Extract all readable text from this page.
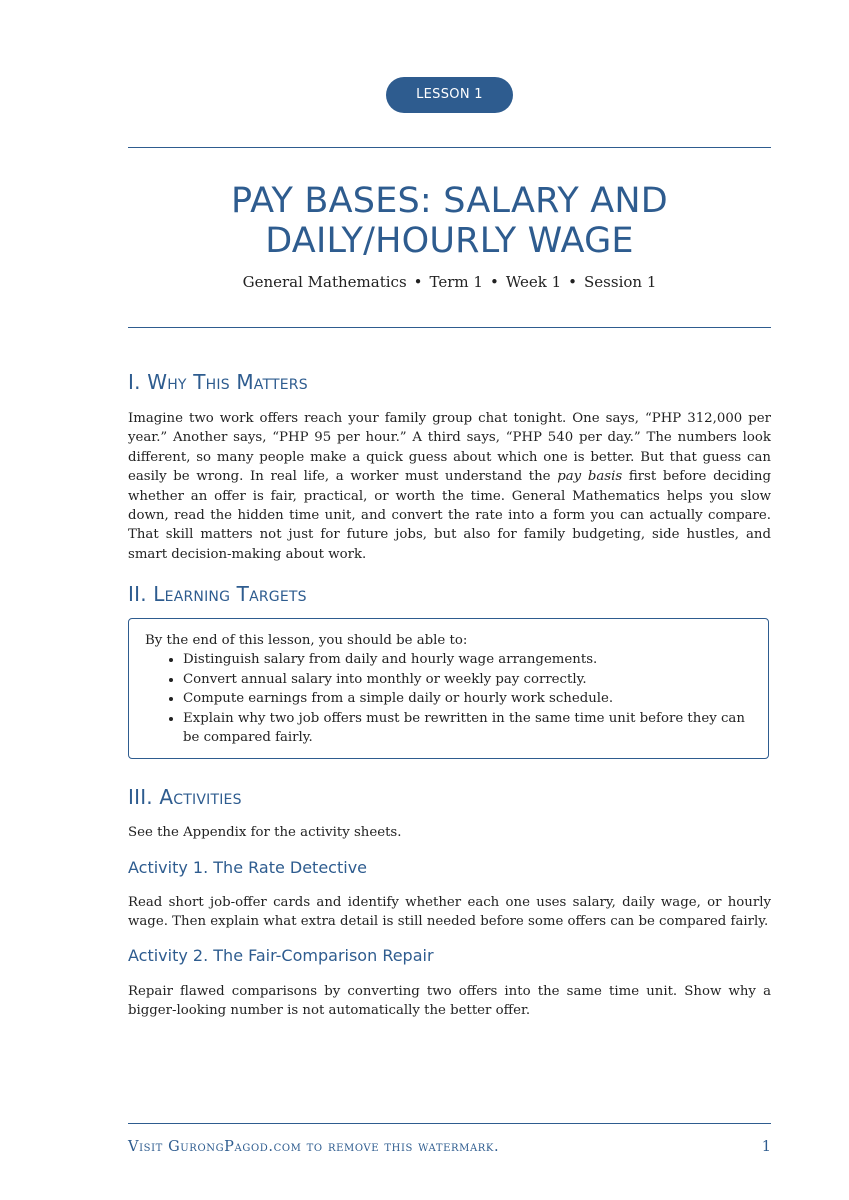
LESSON 1
PAY BASES: SALARY AND
DAILY/HOURLY WAGE
General Mathematics • Term 1 • Week 1 • Session 1
I. Why This Matters

Imagine two work offers reach your family group chat tonight. One says, “PHP 312,000 per year.” Another says, “PHP 95 per hour.” A third says, “PHP 540 per day.” The numbers look different, so many people make a quick guess about which one is better. But that guess can easily be wrong. In real life, a worker must understand the pay basis first before deciding whether an offer is fair, practical, or worth the time. General Mathematics helps you slow down, read the hidden time unit, and convert the rate into a form you can actually compare. That skill matters not just for future jobs, but also for family budgeting, side hustles, and smart decision-making about work.

II. Learning Targets

By the end of this lesson, you should be able to:

• Distinguish salary from daily and hourly wage arrangements.
• Convert annual salary into monthly or weekly pay correctly.
• Compute earnings from a simple daily or hourly work schedule.
• Explain why two job offers must be rewritten in the same time unit before they can be compared fairly.
III. Activities

See the Appendix for the activity sheets.

Activity 1. The Rate Detective

Read short job-offer cards and identify whether each one uses salary, daily wage, or hourly wage. Then explain what extra detail is still needed before some offers can be compared fairly.

Activity 2. The Fair-Comparison Repair

Repair flawed comparisons by converting two offers into the same time unit. Show why a bigger-looking number is not automatically the better offer.

Visit GurongPagod.com to remove this watermark.	1
